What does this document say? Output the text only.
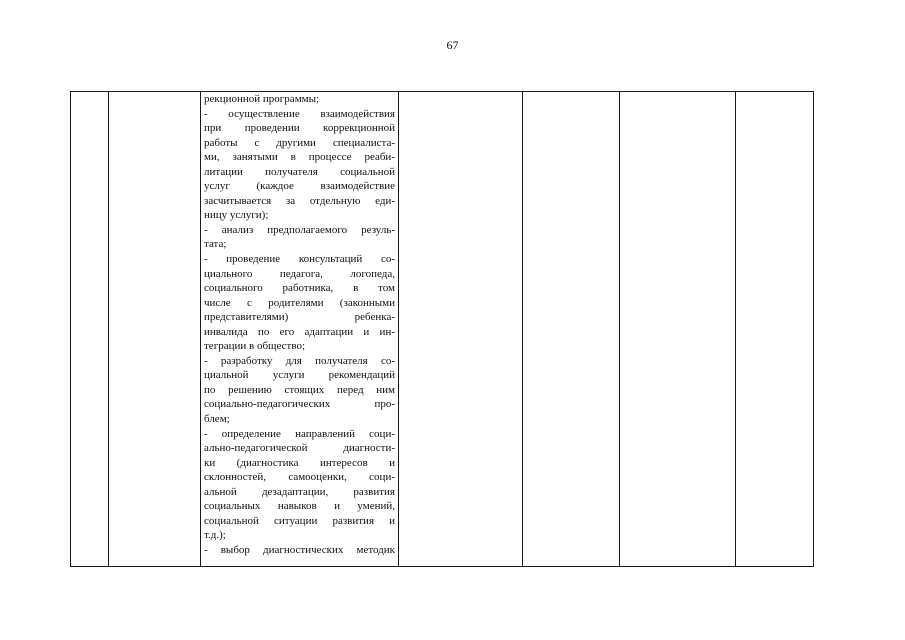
67

рекционной программы;
- осуществление взаимодействия
при проведении коррекционной
работы с другими специалиста-
ми, занятыми в процессе реаби-
литации получателя социальной
услуг (каждое взаимодействие
засчитывается за отдельную еди-
ницу услуги);
- анализ предполагаемого резуль-
тата;
- проведение консультаций со-
циального педагога, логопеда,
социального работника, в том
числе с родителями (законными
представителями) ребенка-
инвалида по его адаптации и ин-
теграции в общество;
- разработку для получателя со-
циальной услуги рекомендаций
по решению стоящих перед ним
социально-педагогических про-
блем;
- определение направлений соци-
ально-педагогической диагности-
ки (диагностика интересов и
склонностей, самооценки, соци-
альной дезадаптации, развития
социальных навыков и умений,
социальной ситуации развития и
т.д.);
- выбор диагностических методик
